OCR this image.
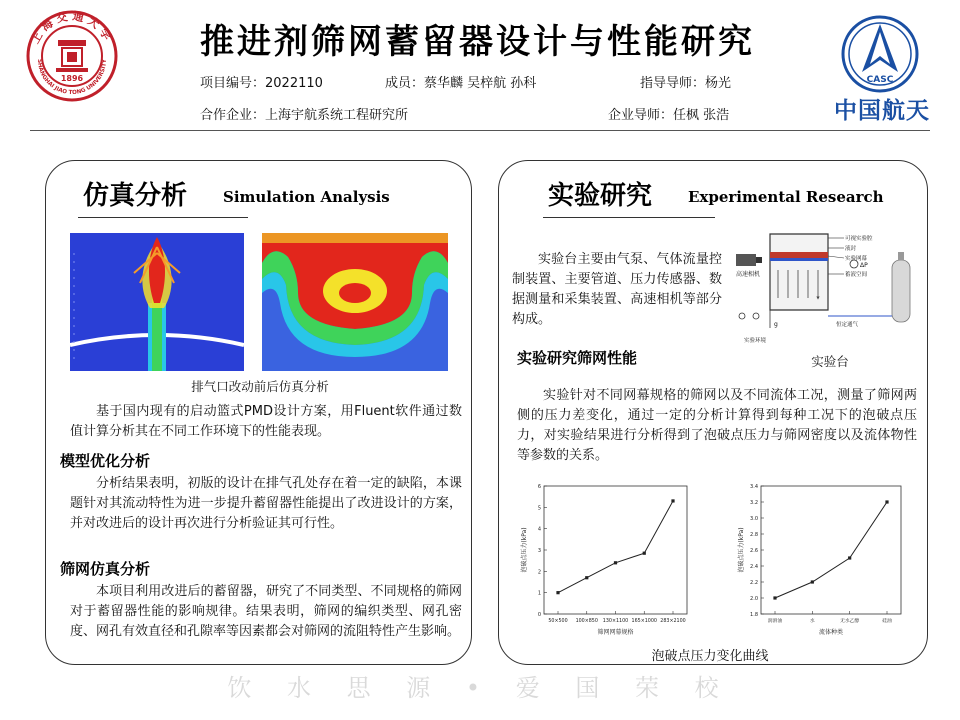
上海交通大学
SHANGHAI JIAO TONG UNIVERSITY
1896
推进剂筛网蓄留器设计与性能研究
项目编号：2022110	成员：蔡华麟 吴梓航 孙科	指导导师：杨光
合作企业：上海宇航系统工程研究所	企业导师：任枫 张浩
CASC
中国航天
仿真分析 Simulation Analysis
排气口改动前后仿真分析
基于国内现有的启动篮式PMD设计方案，用Fluent软件通过数值计算分析其在不同工作环境下的性能表现。
模型优化分析
分析结果表明，初版的设计在排气孔处存在着一定的缺陷，本课题针对其流动特性为进一步提升蓄留器性能提出了改进设计的方案，并对改进后的设计再次进行分析验证其可行性。
筛网仿真分析
本项目利用改进后的蓄留器，研究了不同类型、不同规格的筛网对于蓄留器性能的影响规律。结果表明，筛网的编织类型、网孔密度、网孔有效直径和孔隙率等因素都会对筛网的流阻特性产生影响。
实验研究 Experimental Research
实验台主要由气泵、气体流量控制装置、主要管道、压力传感器、数据测量和采集装置、高速相机等部分构成。
高速相机
可视实验腔
液封
实验网幕
蓄液空间
ΔP
恒定通气
g
实验环境
实验台
实验研究筛网性能
实验针对不同网幕规格的筛网以及不同流体工况，测量了筛网两侧的压力差变化，通过一定的分析计算得到每种工况下的泡破点压力，对实验结果进行分析得到了泡破点压力与筛网密度以及流体物性等参数的关系。
0
1
2
3
4
5
6
50×500 100×850 130×1100 165×1000 283×2100
筛网网幕规格
泡破点压力(kPa)
1.8
2.0
2.2
2.4
2.6
2.8
3.0
3.2
3.4
润滑油	水	无水乙醇	硅油
流体种类
泡破点压力(kPa)
泡破点压力变化曲线
饮 水 思 源 • 爱 国 荣 校
